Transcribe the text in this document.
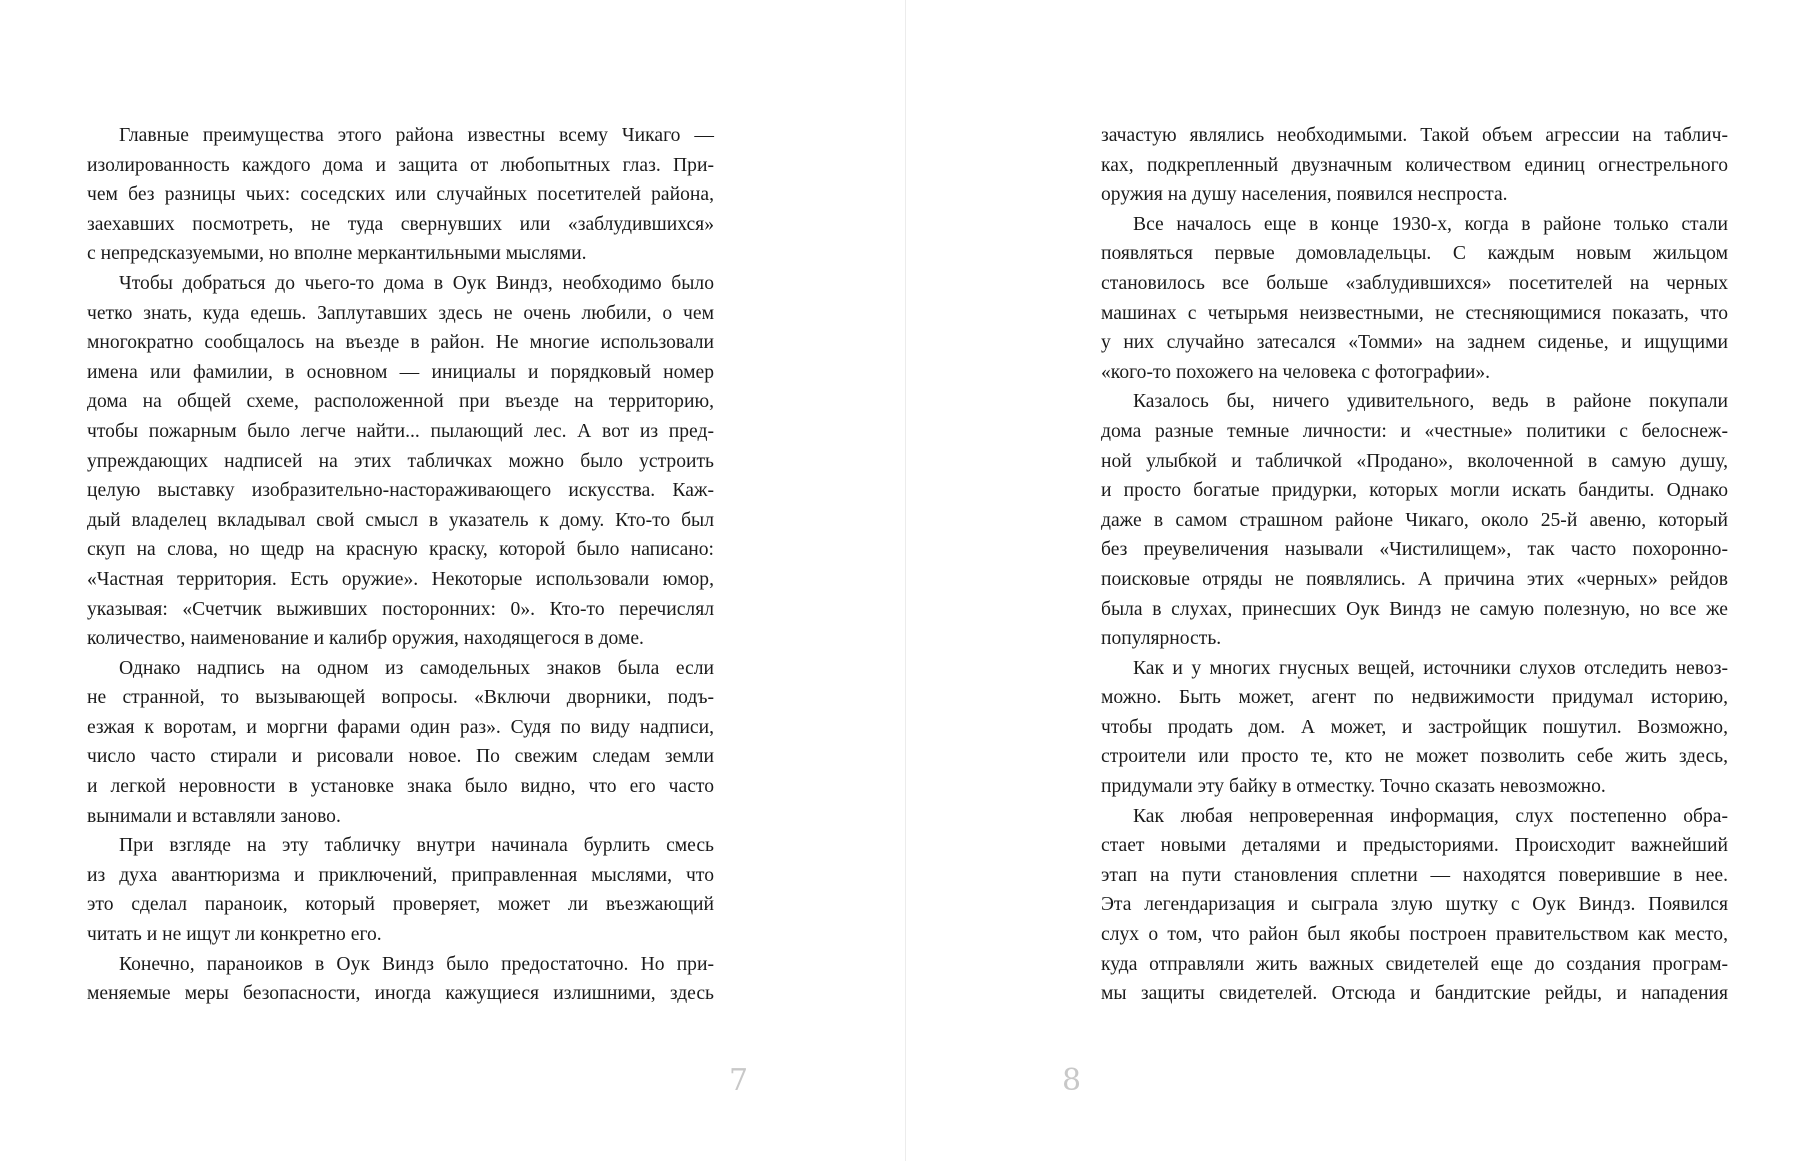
Главные преимущества этого района известны всему Чикаго —
изолированность каждого дома и защита от любопытных глаз. При-
чем без разницы чьих: соседских или случайных посетителей района,
заехавших посмотреть, не туда свернувших или «заблудившихся»
с непредсказуемыми, но вполне меркантильными мыслями.
Чтобы добраться до чьего-то дома в Оук Виндз, необходимо было
четко знать, куда едешь. Заплутавших здесь не очень любили, о чем
многократно сообщалось на въезде в район. Не многие использовали
имена или фамилии, в основном — инициалы и порядковый номер
дома на общей схеме, расположенной при въезде на территорию,
чтобы пожарным было легче найти... пылающий лес. А вот из пред-
упреждающих надписей на этих табличках можно было устроить
целую выставку изобразительно-настораживающего искусства. Каж-
дый владелец вкладывал свой смысл в указатель к дому. Кто-то был
скуп на слова, но щедр на красную краску, которой было написано:
«Частная территория. Есть оружие». Некоторые использовали юмор,
указывая: «Счетчик выживших посторонних: 0». Кто-то перечислял
количество, наименование и калибр оружия, находящегося в доме.
Однако надпись на одном из самодельных знаков была если
не странной, то вызывающей вопросы. «Включи дворники, подъ-
езжая к воротам, и моргни фарами один раз». Судя по виду надписи,
число часто стирали и рисовали новое. По свежим следам земли
и легкой неровности в установке знака было видно, что его часто
вынимали и вставляли заново.
При взгляде на эту табличку внутри начинала бурлить смесь
из духа авантюризма и приключений, приправленная мыслями, что
это сделал параноик, который проверяет, может ли въезжающий
читать и не ищут ли конкретно его.
Конечно, параноиков в Оук Виндз было предостаточно. Но при-
меняемые меры безопасности, иногда кажущиеся излишними, здесь
7
зачастую являлись необходимыми. Такой объем агрессии на таблич-
ках, подкрепленный двузначным количеством единиц огнестрельного
оружия на душу населения, появился неспроста.
Все началось еще в конце 1930-х, когда в районе только стали
появляться первые домовладельцы. С каждым новым жильцом
становилось все больше «заблудившихся» посетителей на черных
машинах с четырьмя неизвестными, не стесняющимися показать, что
у них случайно затесался «Томми» на заднем сиденье, и ищущими
«кого-то похожего на человека с фотографии».
Казалось бы, ничего удивительного, ведь в районе покупали
дома разные темные личности: и «честные» политики с белоснеж-
ной улыбкой и табличкой «Продано», вколоченной в самую душу,
и просто богатые придурки, которых могли искать бандиты. Однако
даже в самом страшном районе Чикаго, около 25-й авеню, который
без преувеличения называли «Чистилищем», так часто похоронно-
поисковые отряды не появлялись. А причина этих «черных» рейдов
была в слухах, принесших Оук Виндз не самую полезную, но все же
популярность.
Как и у многих гнусных вещей, источники слухов отследить невоз-
можно. Быть может, агент по недвижимости придумал историю,
чтобы продать дом. А может, и застройщик пошутил. Возможно,
строители или просто те, кто не может позволить себе жить здесь,
придумали эту байку в отместку. Точно сказать невозможно.
Как любая непроверенная информация, слух постепенно обра-
стает новыми деталями и предысториями. Происходит важнейший
этап на пути становления сплетни — находятся поверившие в нее.
Эта легендаризация и сыграла злую шутку с Оук Виндз. Появился
слух о том, что район был якобы построен правительством как место,
куда отправляли жить важных свидетелей еще до создания програм-
мы защиты свидетелей. Отсюда и бандитские рейды, и нападения
8
